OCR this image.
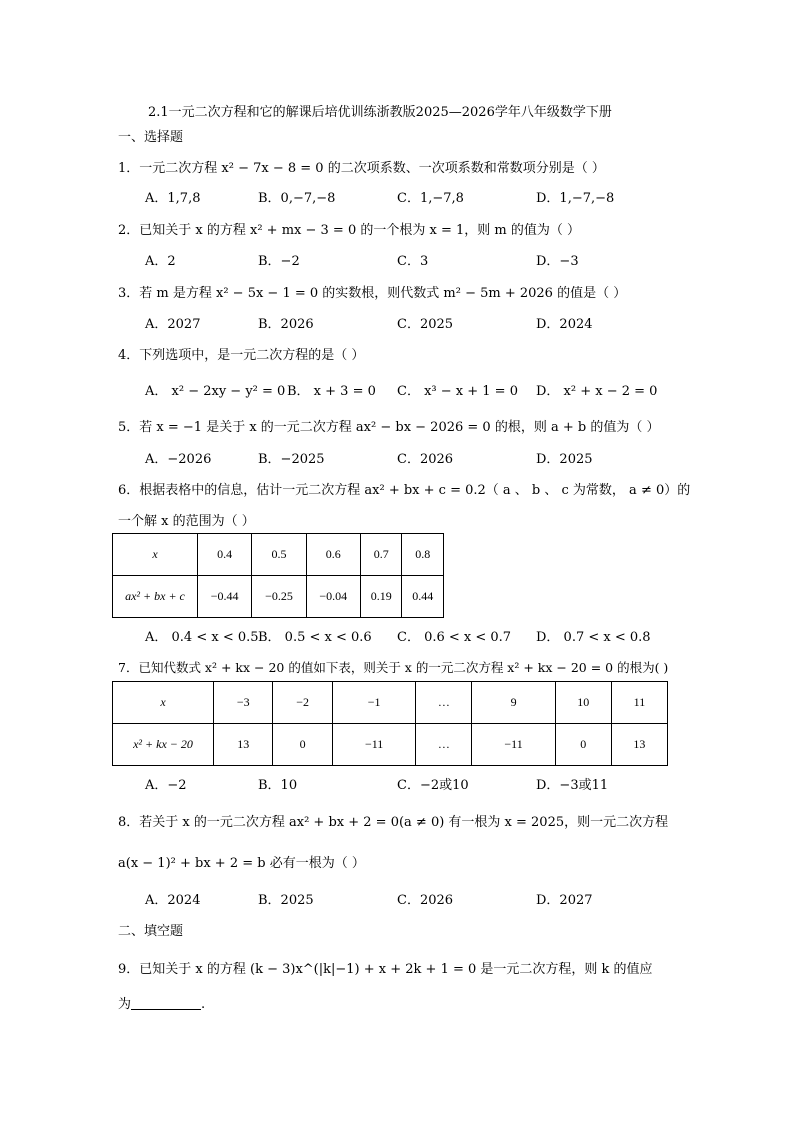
2.1一元二次方程和它的解课后培优训练浙教版2025—2026学年八年级数学下册
一、选择题
1．一元二次方程 x² − 7x − 8 = 0 的二次项系数、一次项系数和常数项分别是（ ）
A．1,7,8	B．0,−7,−8	C．1,−7,8	D．1,−7,−8
2．已知关于 x 的方程 x² + mx − 3 = 0 的一个根为 x = 1，则 m 的值为（ ）
A．2	B．−2	C．3	D．−3
3．若 m 是方程 x² − 5x − 1 = 0 的实数根，则代数式 m² − 5m + 2026 的值是（ ）
A．2027	B．2026	C．2025	D．2024
4．下列选项中，是一元二次方程的是（ ）
A． x² − 2xy − y² = 0 B． x + 3 = 0 C． x³ − x + 1 = 0 D． x² + x − 2 = 0
5．若 x = −1 是关于 x 的一元二次方程 ax² − bx − 2026 = 0 的根，则 a + b 的值为（ ）
A．−2026	B．−2025	C．2026	D．2025
6．根据表格中的信息，估计一元二次方程 ax² + bx + c = 0.2（ a 、 b 、 c 为常数， a ≠ 0）的
一个解 x 的范围为（ ）
x	0.4	0.5	0.6	0.7	0.8
ax² + bx + c	−0.44	−0.25	−0.04	0.19	0.44
A． 0.4 < x < 0.5 B． 0.5 < x < 0.6 C． 0.6 < x < 0.7 D． 0.7 < x < 0.8
7．已知代数式 x² + kx − 20 的值如下表，则关于 x 的一元二次方程 x² + kx − 20 = 0 的根为( )
x	−3	−2	−1	…	9	10	11
x² + kx − 20	13	0	−11	…	−11	0	13
A．−2	B．10	C．−2或10	D．−3或11
8．若关于 x 的一元二次方程 ax² + bx + 2 = 0(a ≠ 0) 有一根为 x = 2025，则一元二次方程
a(x − 1)² + bx + 2 = b 必有一根为（ ）
A．2024	B．2025	C．2026	D．2027
二、填空题
9．已知关于 x 的方程 (k − 3)x^(|k|−1) + x + 2k + 1 = 0 是一元二次方程，则 k 的值应
为	.
